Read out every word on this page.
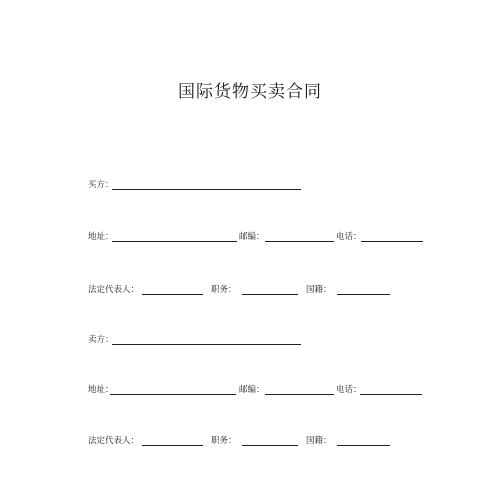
国际货物买卖合同
买方：
地址：	邮编：	电话：
法定代表人：	职务：	国籍：
卖方：
地址：	邮编：	电话：
法定代表人：	职务：	国籍：
